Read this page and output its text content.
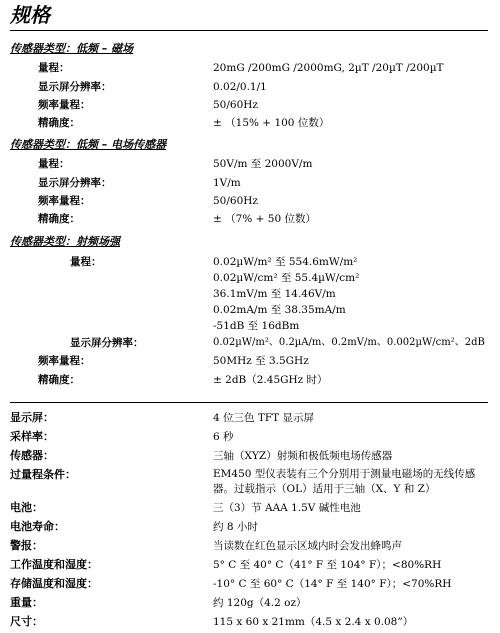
规格
传感器类型：低频 – 磁场
量程：	20mG /200mG /2000mG, 2µT /20µT /200µT
显示屏分辨率：	0.02/0.1/1
频率量程：	50/60Hz
精确度：	± （15% + 100 位数）
传感器类型：低频 – 电场传感器
量程：	50V/m 至 2000V/m
显示屏分辨率：	1V/m
频率量程：	50/60Hz
精确度：	± （7% + 50 位数）
传感器类型：射频场强
量程：	0.02µW/m² 至 554.6mW/m²
0.02µW/cm² 至 55.4µW/cm²
36.1mV/m 至 14.46V/m
0.02mA/m 至 38.35mA/m
-51dB 至 16dBm
显示屏分辨率：	0.02µW/m²、0.2µA/m、0.2mV/m、0.002µW/cm²、2dB
频率量程：	50MHz 至 3.5GHz
精确度：	± 2dB（2.45GHz 时）
显示屏：	4 位三色 TFT 显示屏
采样率：	6 秒
传感器：	三轴（XYZ）射频和极低频电场传感器
过量程条件：	EM450 型仪表装有三个分别用于测量电磁场的无线传感器。过载指示（OL）适用于三轴（X、Y 和 Z）
电池：	三（3）节 AAA 1.5V 碱性电池
电池寿命：	约 8 小时
警报：	当读数在红色显示区域内时会发出蜂鸣声
工作温度和湿度：	5° C 至 40° C（41° F 至 104° F）；<80%RH
存储温度和湿度：	-10° C 至 60° C（14° F 至 140° F）；<70%RH
重量：	约 120g（4.2 oz）
尺寸：	115 x 60 x 21mm（4.5 x 2.4 x 0.08”）
